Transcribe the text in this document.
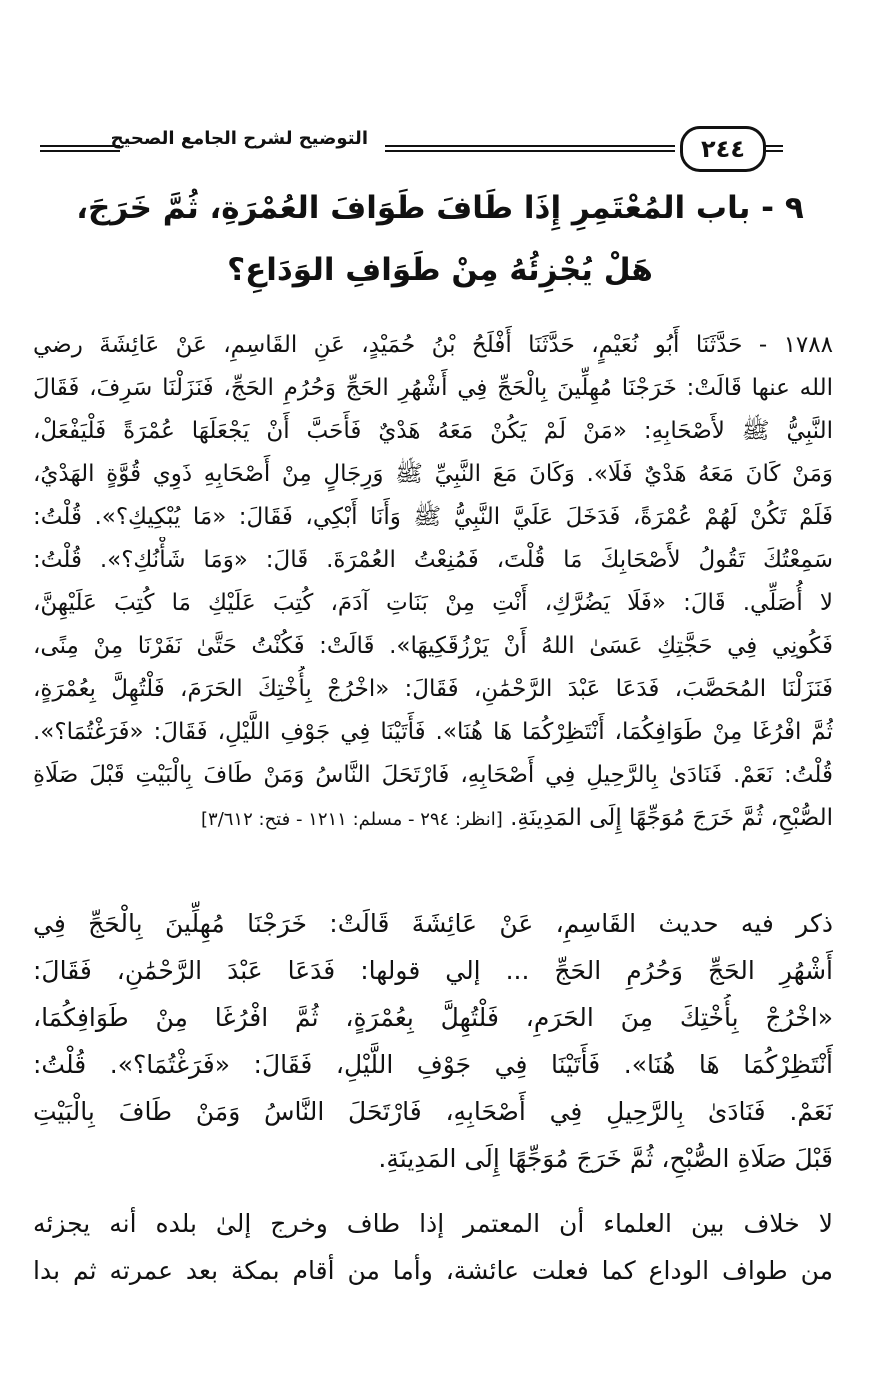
٢٤٤
التوضيح لشرح الجامع الصحيح
٩ - باب المُعْتَمِرِ إِذَا طَافَ طَوَافَ العُمْرَةِ، ثُمَّ خَرَجَ،
هَلْ يُجْزِئُهُ مِنْ طَوَافِ الوَدَاعِ؟
١٧٨٨ - حَدَّثَنَا أَبُو نُعَيْمٍ، حَدَّثَنَا أَفْلَحُ بْنُ حُمَيْدٍ، عَنِ القَاسِمِ، عَنْ عَائِشَةَ رضي
الله عنها قَالَتْ: خَرَجْنَا مُهِلِّينَ بِالْحَجِّ فِي أَشْهُرِ الحَجِّ وَحُرُمِ الحَجِّ، فَنَزَلْنَا سَرِفَ، فَقَالَ
النَّبِيُّ ﷺ لأَصْحَابِهِ: «مَنْ لَمْ يَكُنْ مَعَهُ هَدْيٌ فَأَحَبَّ أَنْ يَجْعَلَهَا عُمْرَةً فَلْيَفْعَلْ،
وَمَنْ كَانَ مَعَهُ هَدْيٌ فَلَا». وَكَانَ مَعَ النَّبِيِّ ﷺ وَرِجَالٍ مِنْ أَصْحَابِهِ ذَوِي قُوَّةٍ الهَدْيُ،
فَلَمْ تَكُنْ لَهُمْ عُمْرَةً، فَدَخَلَ عَلَيَّ النَّبِيُّ ﷺ وَأَنَا أَبْكِي، فَقَالَ: «مَا يُبْكِيكِ؟». قُلْتُ:
سَمِعْتُكَ تَقُولُ لأَصْحَابِكَ مَا قُلْتَ، فَمُنِعْتُ العُمْرَةَ. قَالَ: «وَمَا شَأْنُكِ؟». قُلْتُ:
لا أُصَلِّي. قَالَ: «فَلَا يَضُرَّكِ، أَنْتِ مِنْ بَنَاتِ آدَمَ، كُتِبَ عَلَيْكِ مَا كُتِبَ عَلَيْهِنَّ،
فَكُونِي فِي حَجَّتِكِ عَسَىٰ اللهُ أَنْ يَرْزُقَكِيهَا». قَالَتْ: فَكُنْتُ حَتَّىٰ نَفَرْنَا مِنْ مِنًى،
فَنَزَلْنَا المُحَصَّبَ، فَدَعَا عَبْدَ الرَّحْمَٰنِ، فَقَالَ: «اخْرُجْ بِأُخْتِكَ الحَرَمَ، فَلْتُهِلَّ بِعُمْرَةٍ،
ثُمَّ افْرُغَا مِنْ طَوَافِكُمَا، أَنْتَظِرْكُمَا هَا هُنَا». فَأَتَيْنَا فِي جَوْفِ اللَّيْلِ، فَقَالَ: «فَرَغْتُمَا؟».
قُلْتُ: نَعَمْ. فَنَادَىٰ بِالرَّحِيلِ فِي أَصْحَابِهِ، فَارْتَحَلَ النَّاسُ وَمَنْ طَافَ بِالْبَيْتِ قَبْلَ صَلَاةِ
الصُّبْحِ، ثُمَّ خَرَجَ مُوَجِّهًا إِلَى المَدِينَةِ. [انظر: ٢٩٤ - مسلم: ١٢١١ - فتح: ٣/٦١٢]
ذكر فيه حديث القَاسِمِ، عَنْ عَائِشَةَ قَالَتْ: خَرَجْنَا مُهِلِّينَ بِالْحَجِّ فِي
أَشْهُرِ الحَجِّ وَحُرُمِ الحَجِّ ... إلي قولها: فَدَعَا عَبْدَ الرَّحْمَٰنِ، فَقَالَ:
«اخْرُجْ بِأُخْتِكَ مِنَ الحَرَمِ، فَلْتُهِلَّ بِعُمْرَةٍ، ثُمَّ افْرُغَا مِنْ طَوَافِكُمَا،
أَنْتَظِرْكُمَا هَا هُنَا». فَأَتَيْنَا فِي جَوْفِ اللَّيْلِ، فَقَالَ: «فَرَغْتُمَا؟». قُلْتُ:
نَعَمْ. فَنَادَىٰ بِالرَّحِيلِ فِي أَصْحَابِهِ، فَارْتَحَلَ النَّاسُ وَمَنْ طَافَ بِالْبَيْتِ
قَبْلَ صَلَاةِ الصُّبْحِ، ثُمَّ خَرَجَ مُوَجِّهًا إِلَى المَدِينَةِ.
لا خلاف بين العلماء أن المعتمر إذا طاف وخرج إلىٰ بلده أنه يجزئه
من طواف الوداع كما فعلت عائشة، وأما من أقام بمكة بعد عمرته ثم بدا
